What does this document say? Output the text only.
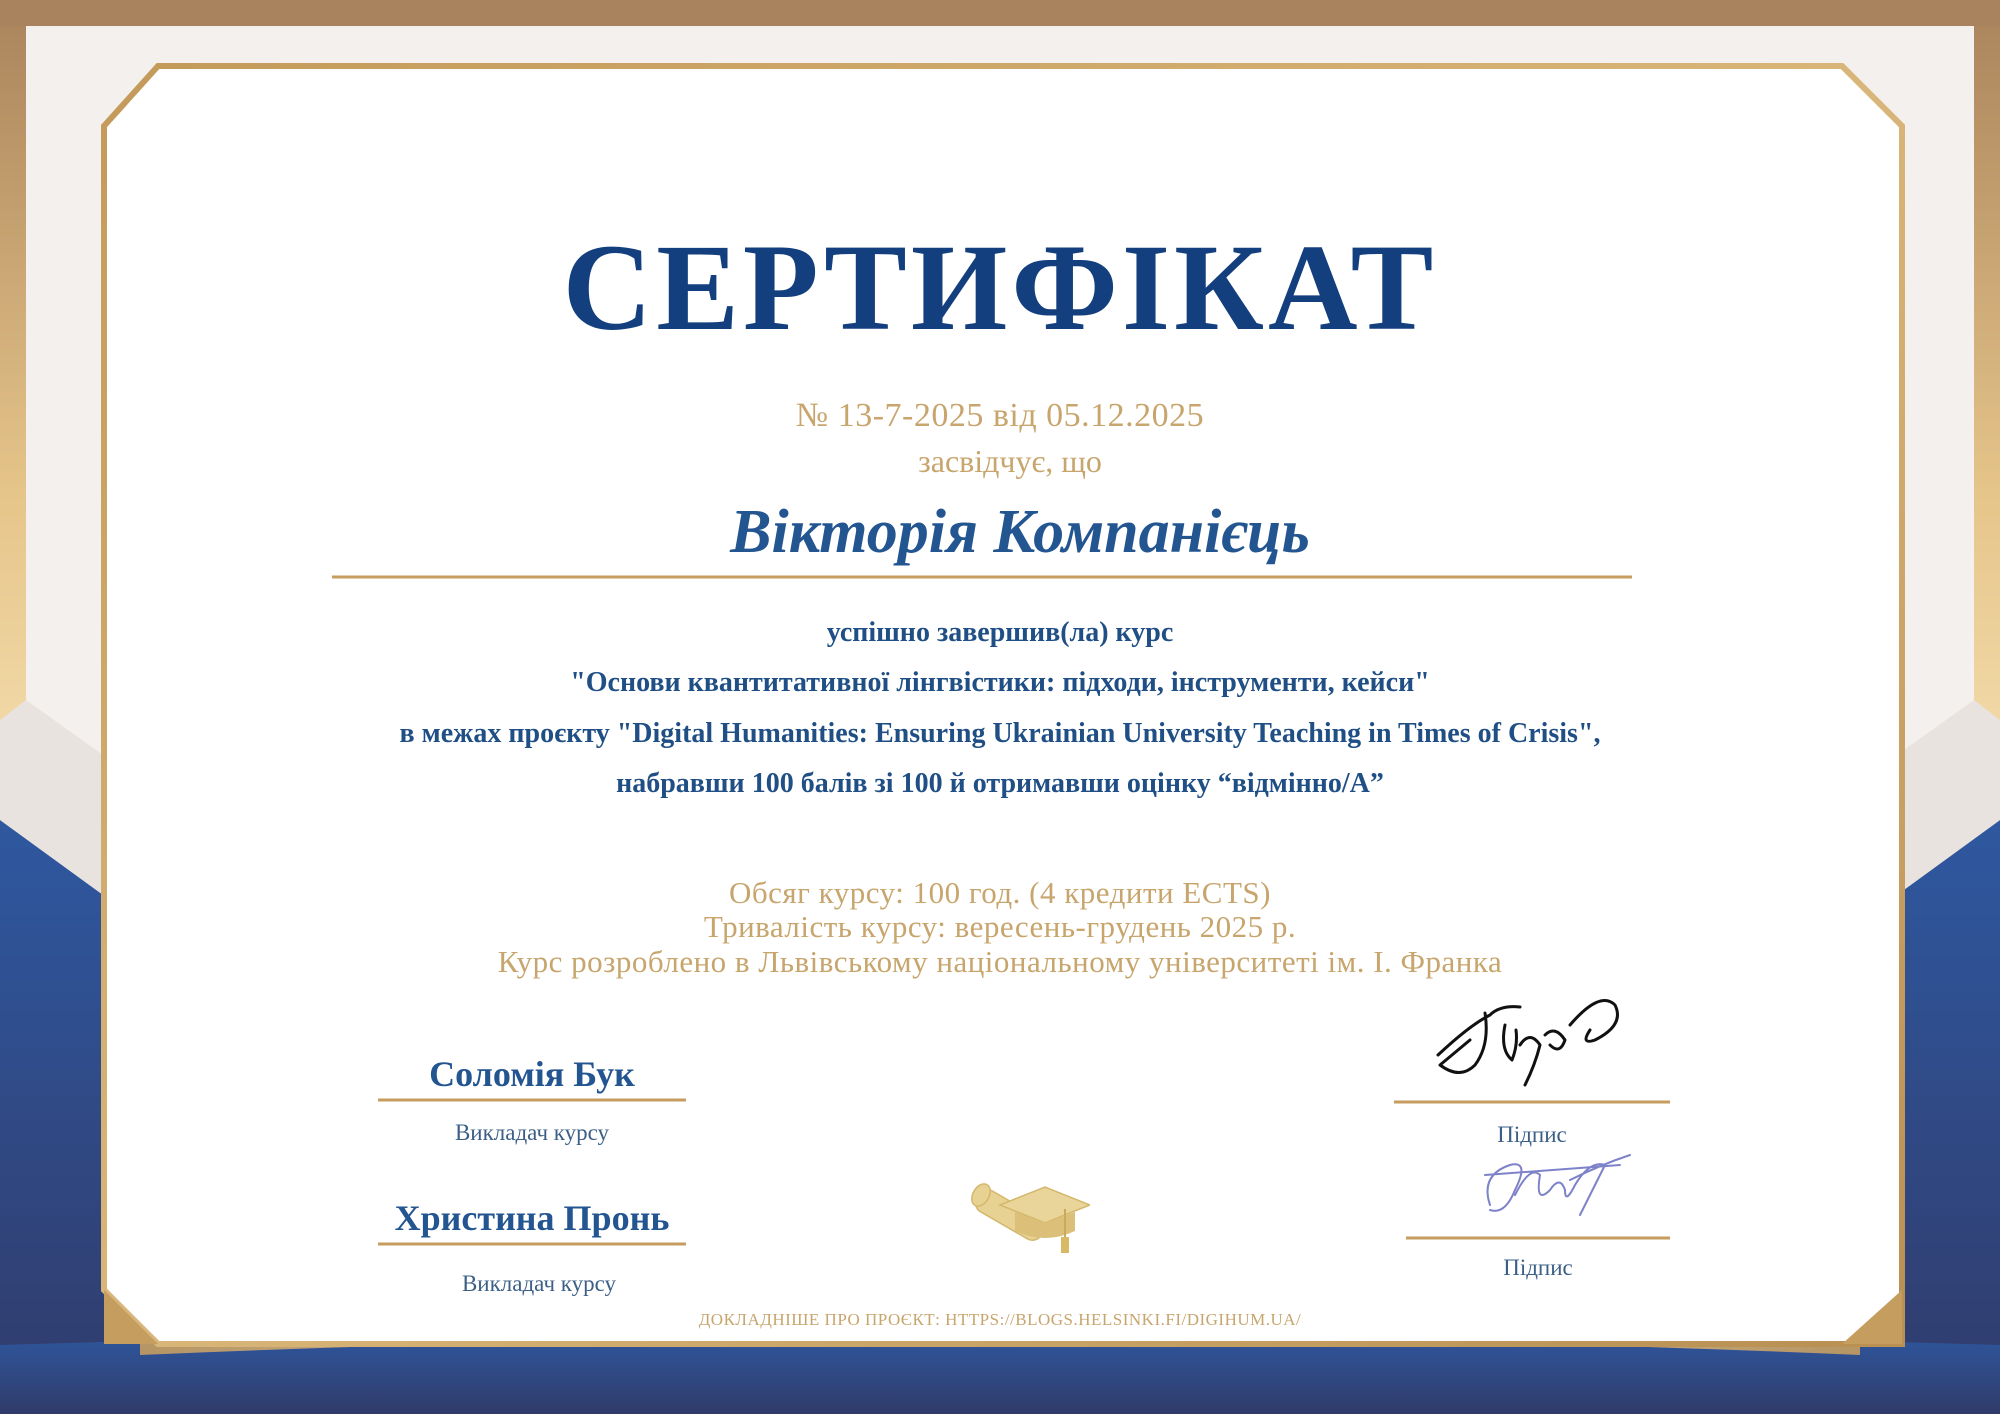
СЕРТИФІКАТ
№ 13-7-2025 від 05.12.2025
засвідчує, що
Вікторія Компанієць
успішно завершив(ла) курс
"Основи квантитативної лінгвістики: підходи, інструменти, кейси"
в межах проєкту "Digital Humanities: Ensuring Ukrainian University Teaching in Times of Crisis",
набравши 100 балів зі 100 й отримавши оцінку “відмінно/A”
Обсяг курсу: 100 год. (4 кредити ECTS)
Тривалість курсу: вересень-грудень 2025 р.
Курс розроблено в Львівському національному університеті ім. І. Франка
Соломія Бук
Викладач курсу	Підпис
Христина Пронь
Викладач курсу
Підпис
ДОКЛАДНІШЕ ПРО ПРОЄКТ: HTTPS://BLOGS.HELSINKI.FI/DIGIHUM.UA/
